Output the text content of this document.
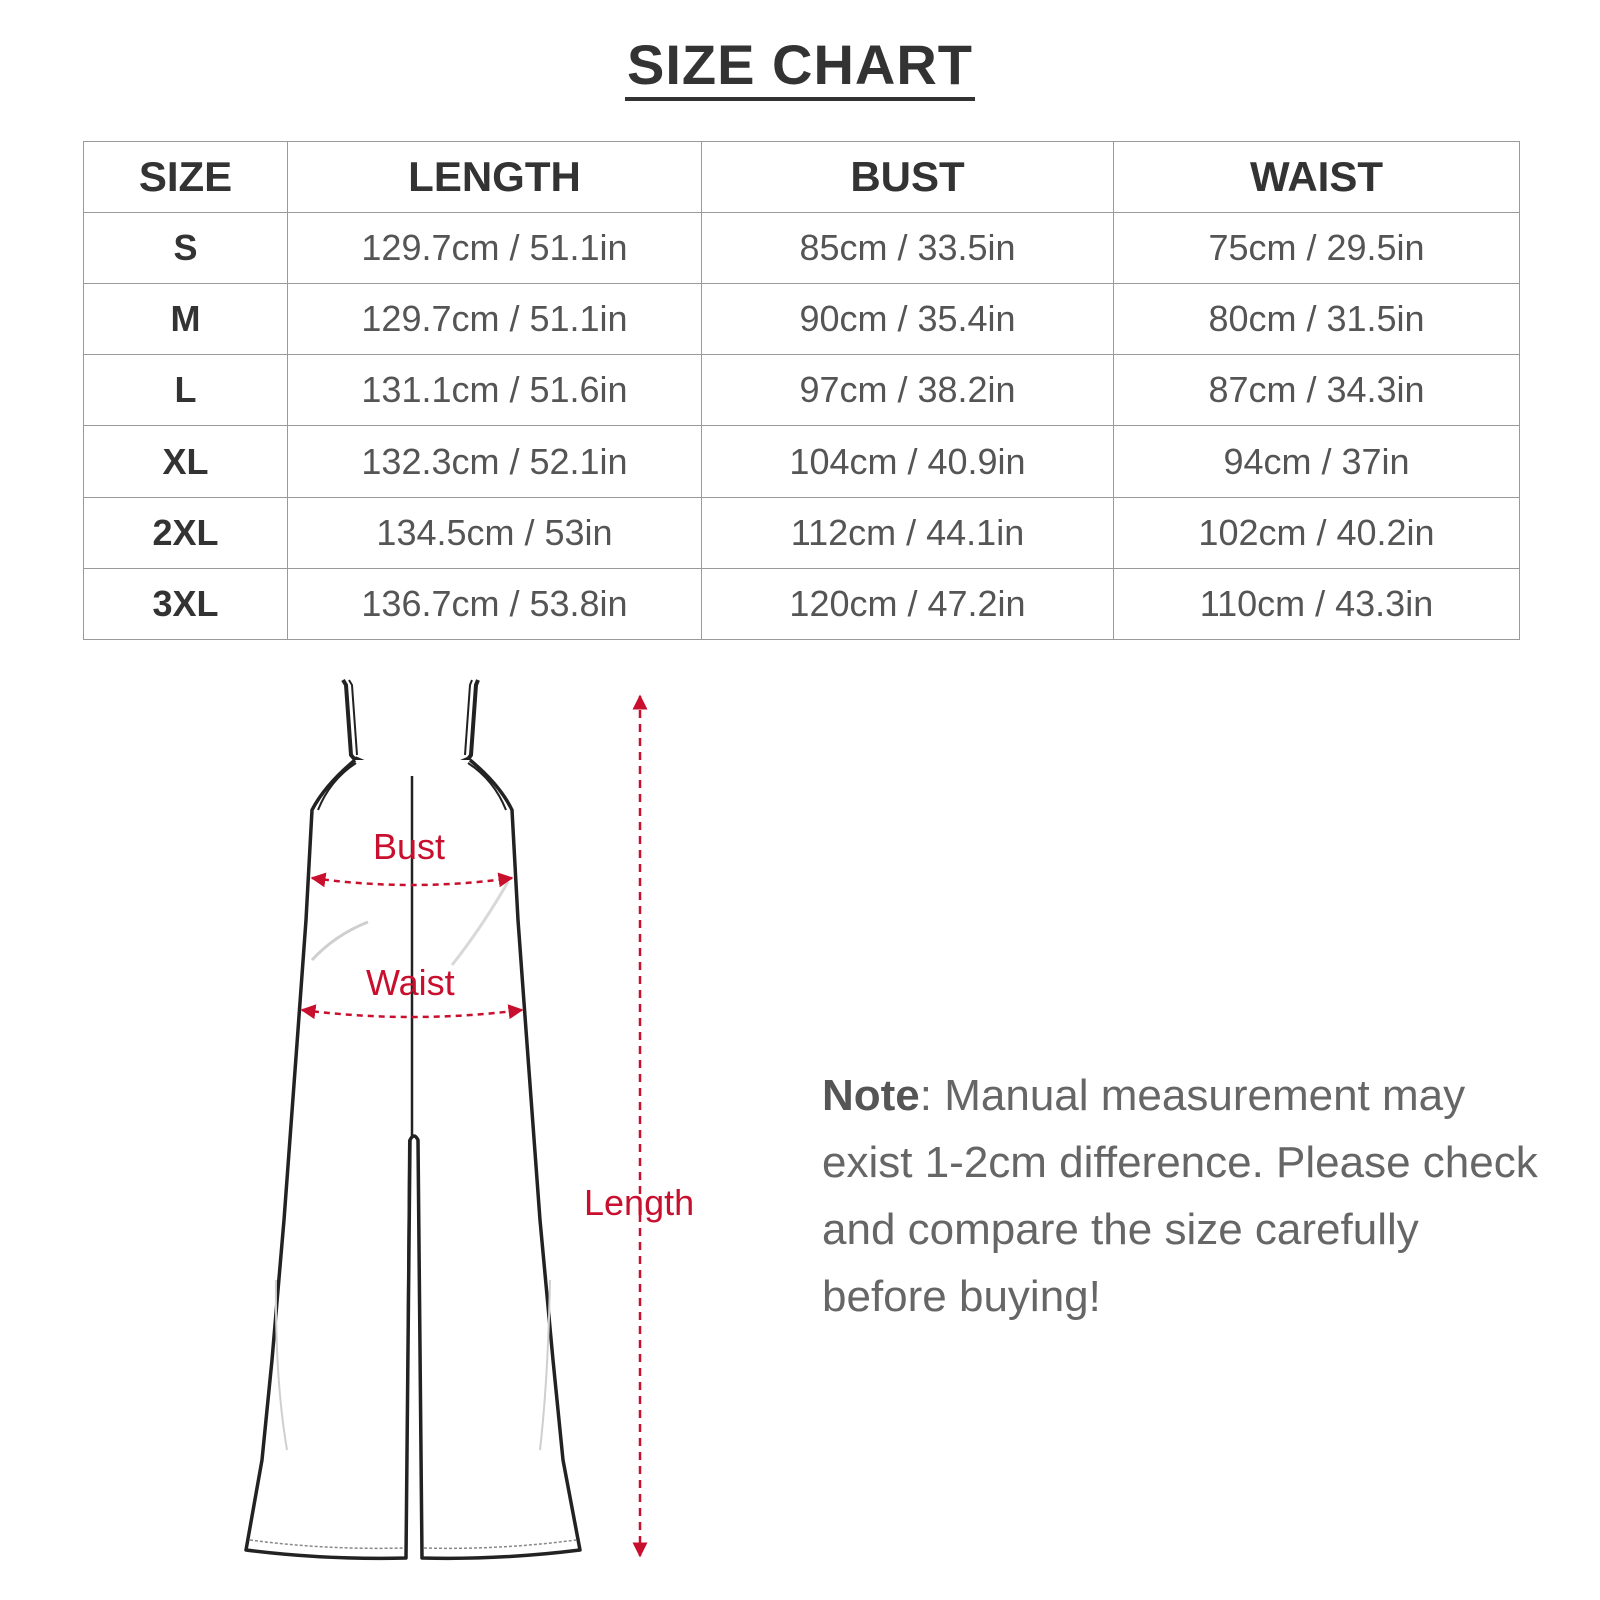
SIZE CHART
SIZE	LENGTH	BUST	WAIST
S	129.7cm / 51.1in	85cm / 33.5in	75cm / 29.5in
M	129.7cm / 51.1in	90cm / 35.4in	80cm / 31.5in
L	131.1cm / 51.6in	97cm / 38.2in	87cm / 34.3in
XL	132.3cm / 52.1in	104cm / 40.9in	94cm / 37in
2XL	134.5cm / 53in	112cm / 44.1in	102cm / 40.2in
3XL	136.7cm / 53.8in	120cm / 47.2in	110cm / 43.3in
Bust
Waist
Length
Note: Manual measurement may exist 1-2cm difference. Please check and compare the size carefully before buying!
